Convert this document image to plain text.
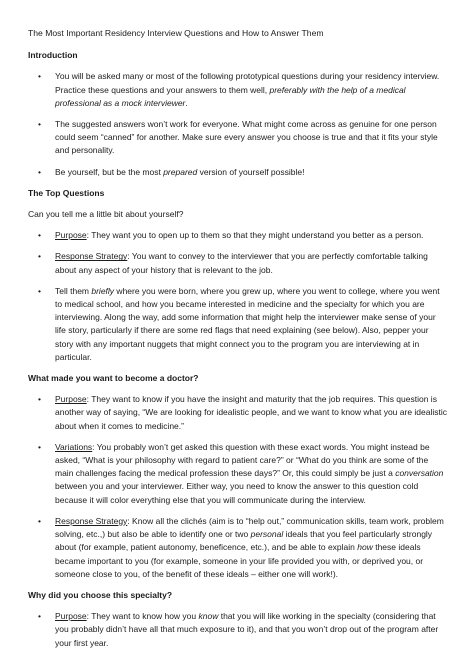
The Most Important Residency Interview Questions and How to Answer Them

Introduction

• You will be asked many or most of the following prototypical questions during your residency interview. Practice these questions and your answers to them well, preferably with the help of a medical professional as a mock interviewer.
• The suggested answers won’t work for everyone. What might come across as genuine for one person could seem “canned” for another. Make sure every answer you choose is true and that it fits your style and personality.
• Be yourself, but be the most prepared version of yourself possible!

The Top Questions

Can you tell me a little bit about yourself?

• Purpose: They want you to open up to them so that they might understand you better as a person.
• Response Strategy: You want to convey to the interviewer that you are perfectly comfortable talking about any aspect of your history that is relevant to the job.
• Tell them briefly where you were born, where you grew up, where you went to college, where you went to medical school, and how you became interested in medicine and the specialty for which you are interviewing. Along the way, add some information that might help the interviewer make sense of your life story, particularly if there are some red flags that need explaining (see below). Also, pepper your story with any important nuggets that might connect you to the program you are interviewing at in particular.

What made you want to become a doctor?

• Purpose: They want to know if you have the insight and maturity that the job requires. This question is another way of saying, “We are looking for idealistic people, and we want to know what you are idealistic about when it comes to medicine.”
• Variations: You probably won’t get asked this question with these exact words. You might instead be asked, “What is your philosophy with regard to patient care?” or “What do you think are some of the main challenges facing the medical profession these days?” Or, this could simply be just a conversation between you and your interviewer. Either way, you need to know the answer to this question cold because it will color everything else that you will communicate during the interview.
• Response Strategy: Know all the clichés (aim is to “help out,” communication skills, team work, problem solving, etc.,) but also be able to identify one or two personal ideals that you feel particularly strongly about (for example, patient autonomy, beneficence, etc.), and be able to explain how these ideals became important to you (for example, someone in your life provided you with, or deprived you, or someone close to you, of the benefit of these ideals – either one will work!).

Why did you choose this specialty?

• Purpose: They want to know how you know that you will like working in the specialty (considering that you probably didn’t have all that much exposure to it), and that you won’t drop out of the program after your first year.
